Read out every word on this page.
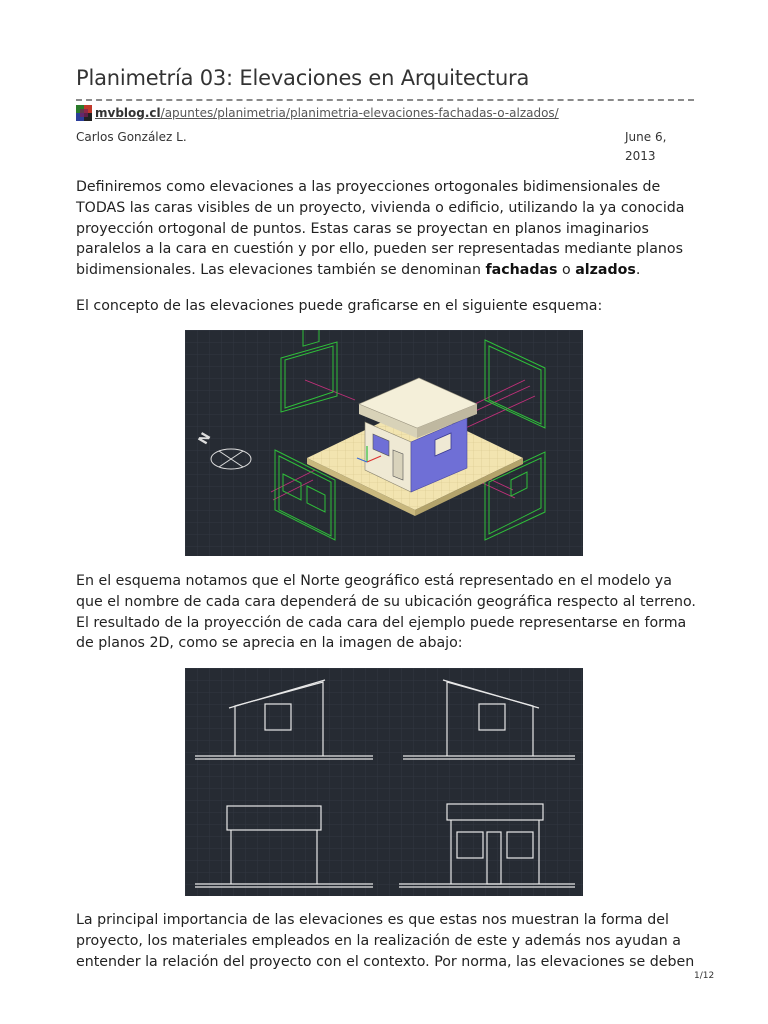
Planimetría 03: Elevaciones en Arquitectura
mvblog.cl/apuntes/planimetria/planimetria-elevaciones-fachadas-o-alzados/
Carlos González L.	June 6, 2013

Definiremos como elevaciones a las proyecciones ortogonales bidimensionales de TODAS las caras visibles de un proyecto, vivienda o edificio, utilizando la ya conocida proyección ortogonal de puntos. Estas caras se proyectan en planos imaginarios paralelos a la cara en cuestión y por ello, pueden ser representadas mediante planos bidimensionales. Las elevaciones también se denominan fachadas o alzados.

El concepto de las elevaciones puede graficarse en el siguiente esquema:

N

En el esquema notamos que el Norte geográfico está representado en el modelo ya que el nombre de cada cara dependerá de su ubicación geográfica respecto al terreno. El resultado de la proyección de cada cara del ejemplo puede representarse en forma de planos 2D, como se aprecia en la imagen de abajo:

La principal importancia de las elevaciones es que estas nos muestran la forma del proyecto, los materiales empleados en la realización de este y además nos ayudan a entender la relación del proyecto con el contexto. Por norma, las elevaciones se deben

1/12
